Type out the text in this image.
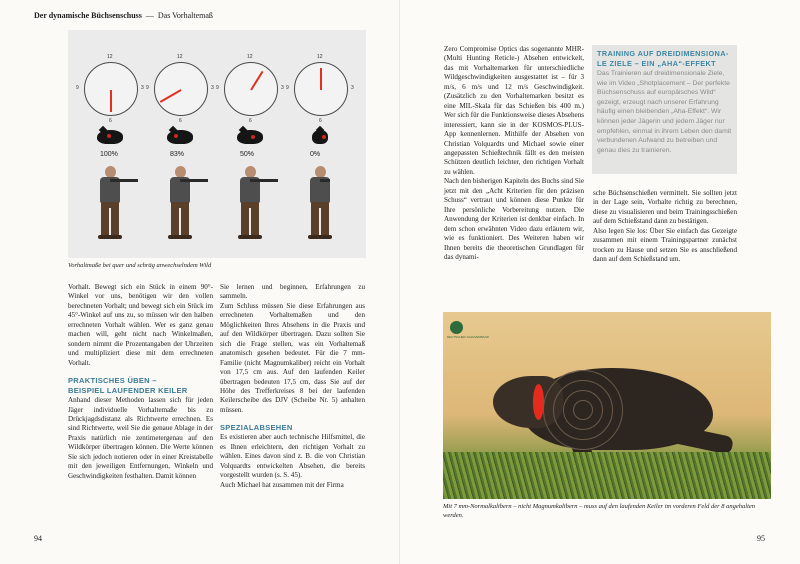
Der dynamische Büchsenschuss — Das Vorhaltemaß
12
9	3
6
100%
12
9	3
6
83%
12
9	3
6
50%
12
9	3
6
0%
Vorhaltmaße bei quer und schräg anwechselndem Wild

Vorhalt. Bewegt sich ein Stück in einem 90°-Winkel vor uns, benötigen wir den vollen berechneten Vorhalt; und bewegt sich ein Stück im 45°-Winkel auf uns zu, so müssen wir den halben errechneten Vorhalt wählen. Wer es ganz genau machen will, geht nicht nach Winkelmaßen, sondern nimmt die Prozentangaben der Uhrzeiten und multipliziert diese mit dem errechneten Vorhalt.

PRAKTISCHES ÜBEN –
BEISPIEL LAUFENDER KEILER

Anhand dieser Methoden lassen sich für jeden Jäger individuelle Vorhaltemaße bis zu Drückjagdsdistanz als Richtwerte errechnen. Es sind Richtwerte, weil Sie die genaue Ablage in der Praxis natürlich nie zentimetergenau auf den Wildkörper übertragen können. Die Werte können Sie sich jedoch notieren oder in einer Kreistabelle mit den jeweiligen Entfernungen, Winkeln und Geschwindigkeiten festhalten. Damit können

Sie lernen und beginnen, Erfahrungen zu sammeln.

Zum Schluss müssen Sie diese Erfahrungen aus errechneten Vorhaltemaßen und den Möglichkeiten Ihres Absehens in die Praxis und auf den Wildkörper übertragen. Dazu sollten Sie sich die Frage stellen, was ein Vorhaltemaß anatomisch gesehen bedeutet. Für die 7 mm-Familie (nicht Magnumkaliber) reicht ein Vorhalt von 17,5 cm aus. Auf den laufenden Keiler übertragen bedeuten 17,5 cm, dass Sie auf der Höhe des Trefferkreises 8 bei der laufenden Keilerscheibe des DJV (Scheibe Nr. 5) anhalten müssen.

SPEZIALABSEHEN

Es existieren aber auch technische Hilfsmittel, die es Ihnen erleichtern, den richtigen Vorhalt zu wählen. Eines davon sind z. B. die von Christian Volquardts entwickelten Absehen, die bereits vorgestellt wurden (s. S. 45).

Auch Michael hat zusammen mit der Firma

94

Zero Compromise Optics das sogenannte MHR- (Multi Hunting Reticle-) Absehen entwickelt, das mit Vorhaltemarken für unterschiedliche Wildgeschwindigkeiten ausgestattet ist – für 3 m/s, 6 m/s und 12 m/s Geschwindigkeit. (Zusätzlich zu den Vorhaltemarken besitzt es eine MIL-Skala für das Schießen bis 400 m.) Wer sich für die Funktionsweise dieses Absehens interessiert, kann sie in der KOSMOS-PLUS-App kennenlernen. Mithilfe der Absehen von Christian Volquardts und Michael sowie einer angepassten Schießtechnik fällt es den meisten Schützen deutlich leichter, den richtigen Vorhalt zu wählen.

Nach den bisherigen Kapiteln des Buchs sind Sie jetzt mit den „Acht Kriterien für den präzisen Schuss“ vertraut und können diese Punkte für Ihre persönliche Vorbereitung nutzen. Die Anwendung der Kriterien ist denkbar einfach. In dem schon erwähnten Video dazu erläutern wir, wie es funktioniert. Des Weiteren haben wir Ihnen bereits die theoretischen Grundlagen für das dynami-

TRAINING AUF DREIDIMENSIONA-
LE ZIELE – EIN „AHA“-EFFEKT
Das Trainieren auf dreidimensionale Ziele, wie im Video „Shotplacement – Der perfekte Büchsenschuss auf europäisches Wild“ gezeigt, erzeugt nach unserer Erfahrung häufig einen bleibenden „Aha-Effekt“. Wir können jeder Jägerin und jedem Jäger nur empfehlen, einmal in ihrem Leben den damit verbundenen Aufwand zu betreiben und genau dies zu trainieren.

sche Büchsenschießen vermittelt. Sie sollten jetzt in der Lage sein, Vorhalte richtig zu berechnen, diese zu visualisieren und beim Trainingsschießen auf dem Schießstand dann zu bestätigen.

Also legen Sie los: Über Sie einfach das Gezeigte zusammen mit einem Trainingspartner zunächst trocken zu Hause und setzen Sie es anschließend dann auf dem Schießstand um.

DEUTSCHER JAGDVERBAND
Mit 7 mm-Normalkalibern – nicht Magnumkalibern – muss auf den laufenden Keiler im vorderen Feld der 8 angehalten werden.
95
